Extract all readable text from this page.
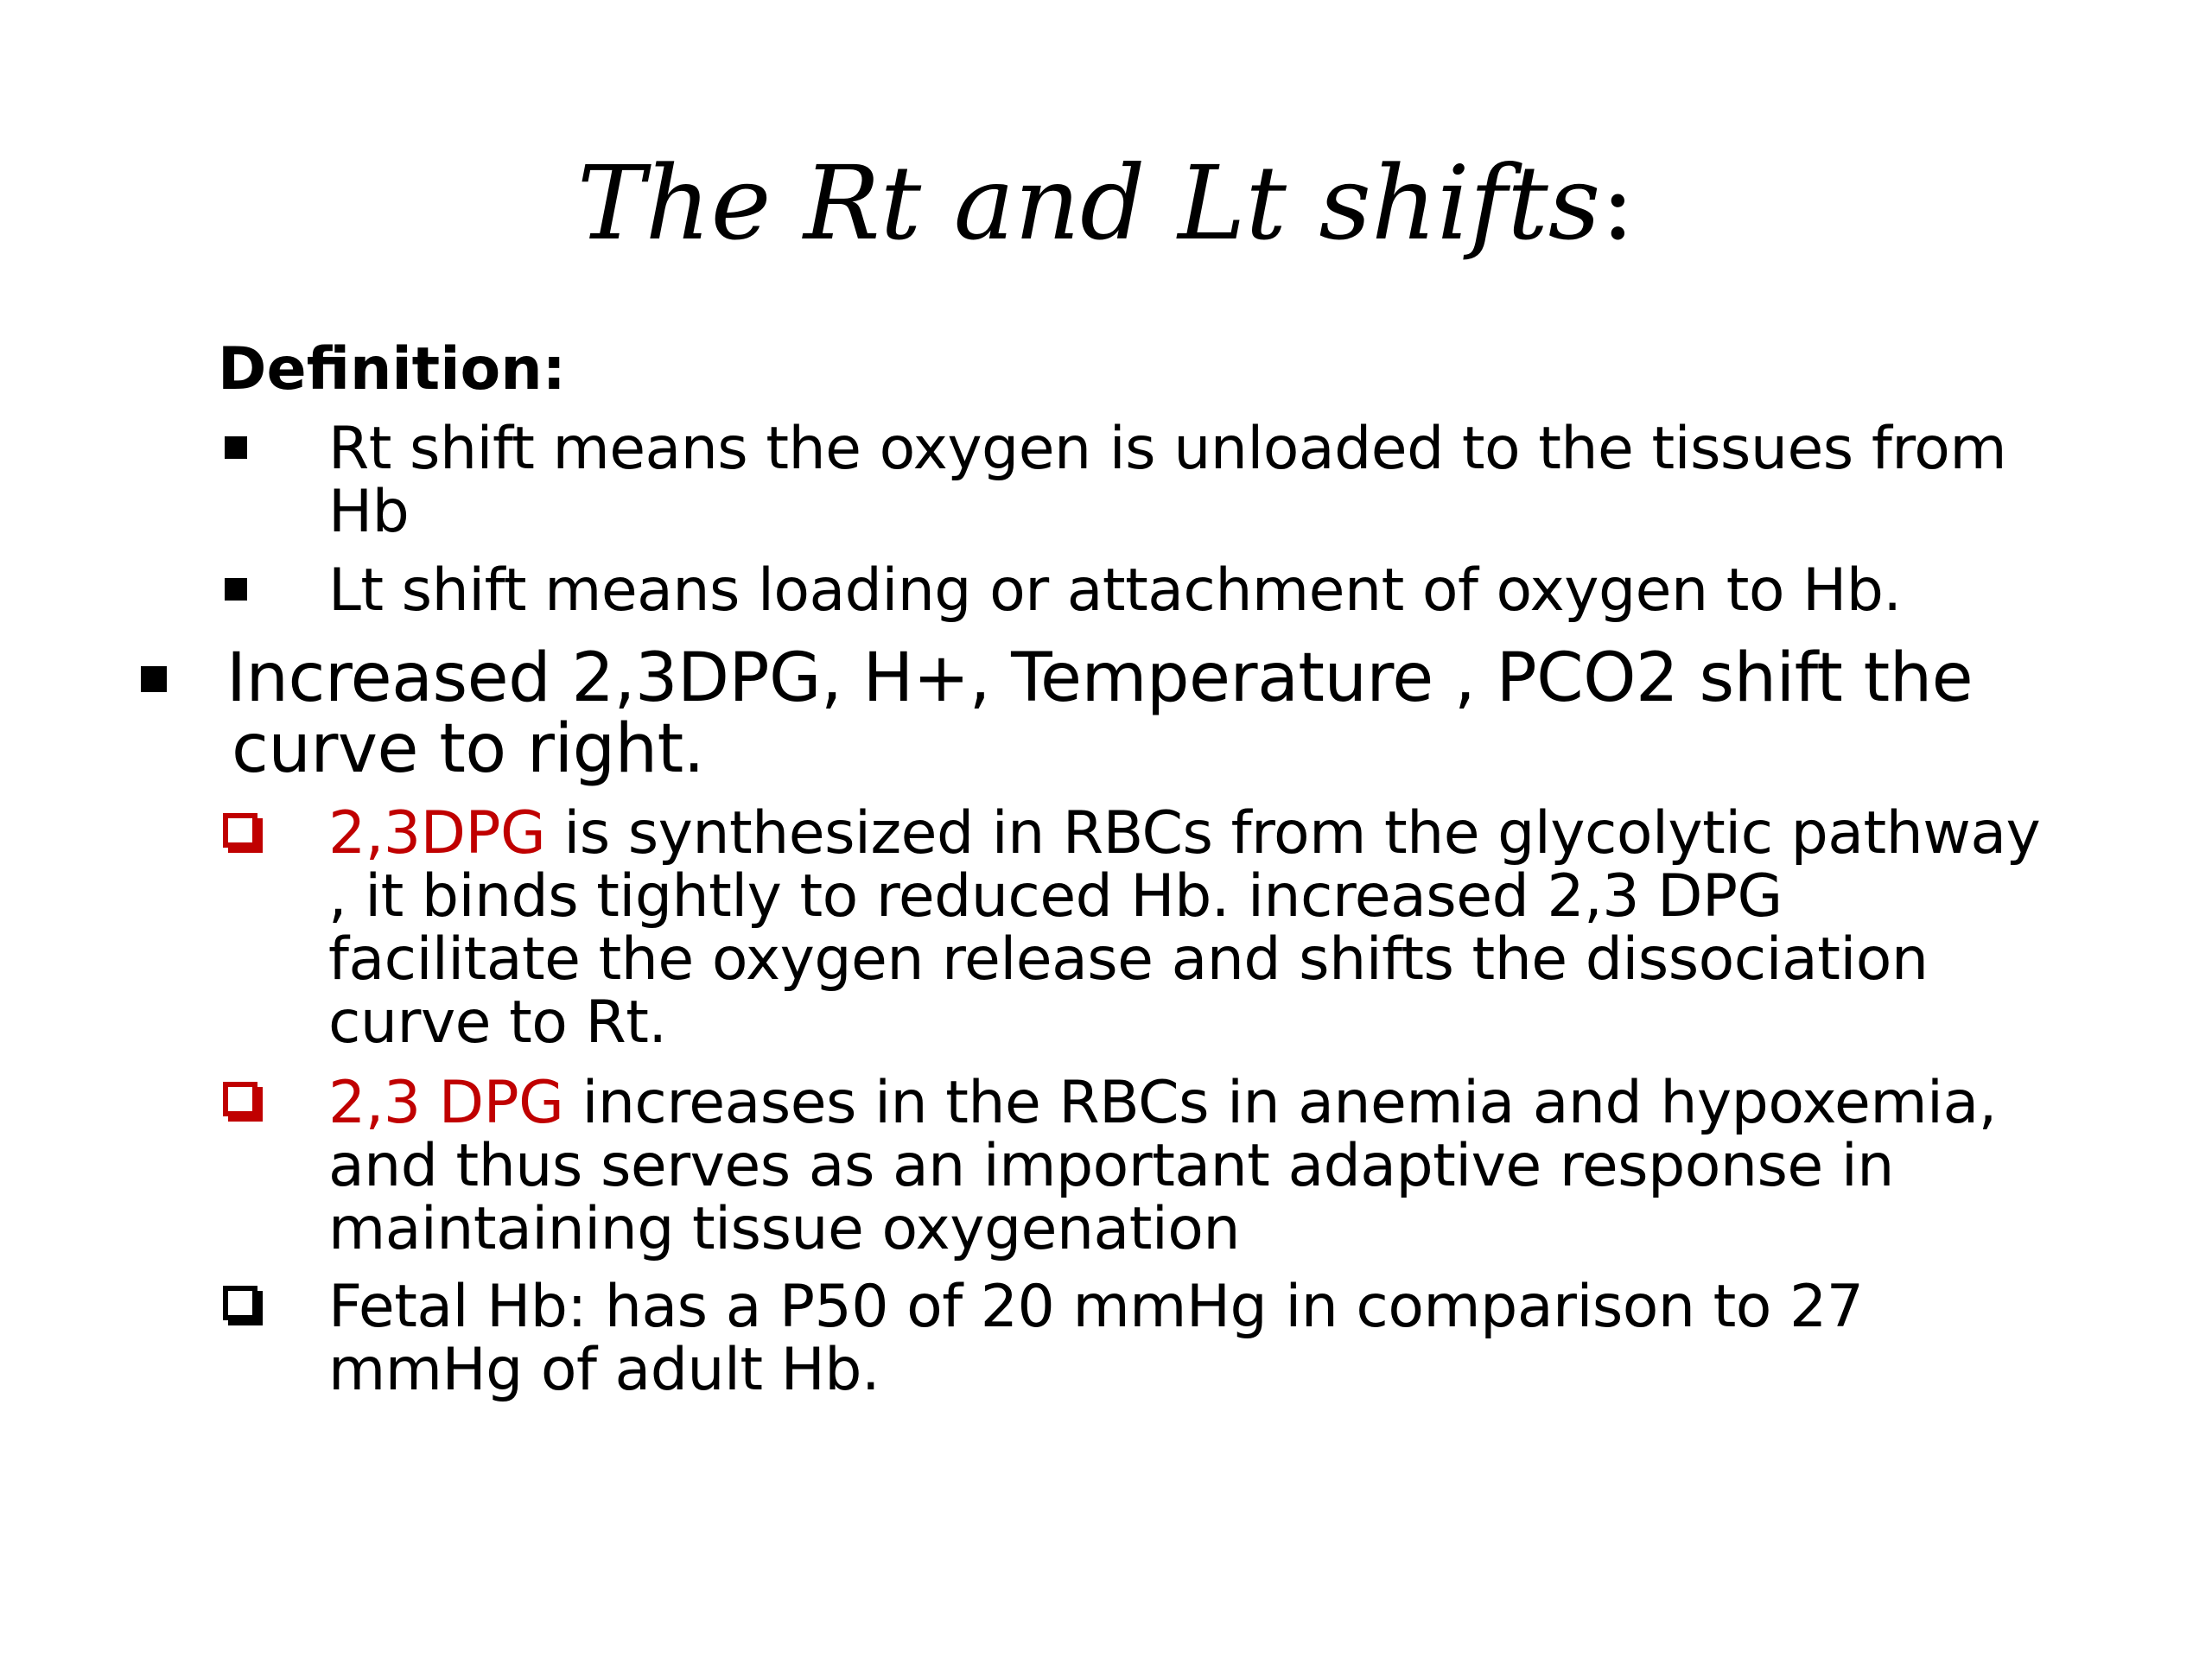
The Rt and Lt shifts:
Definition:
Rt shift means the oxygen is unloaded to the tissues from
Hb
Lt shift means loading or attachment of oxygen to Hb.
Increased 2,3DPG, H+, Temperature , PCO2 shift the
curve to right.
2,3DPG is synthesized in RBCs from the glycolytic pathway
, it binds tightly to reduced Hb. increased 2,3 DPG
facilitate the oxygen release and shifts the dissociation
curve to Rt.
2,3 DPG increases in the RBCs in anemia and hypoxemia,
and thus serves as an important adaptive response in
maintaining tissue oxygenation
Fetal Hb: has a P50 of 20 mmHg in comparison to 27
mmHg of adult Hb.
